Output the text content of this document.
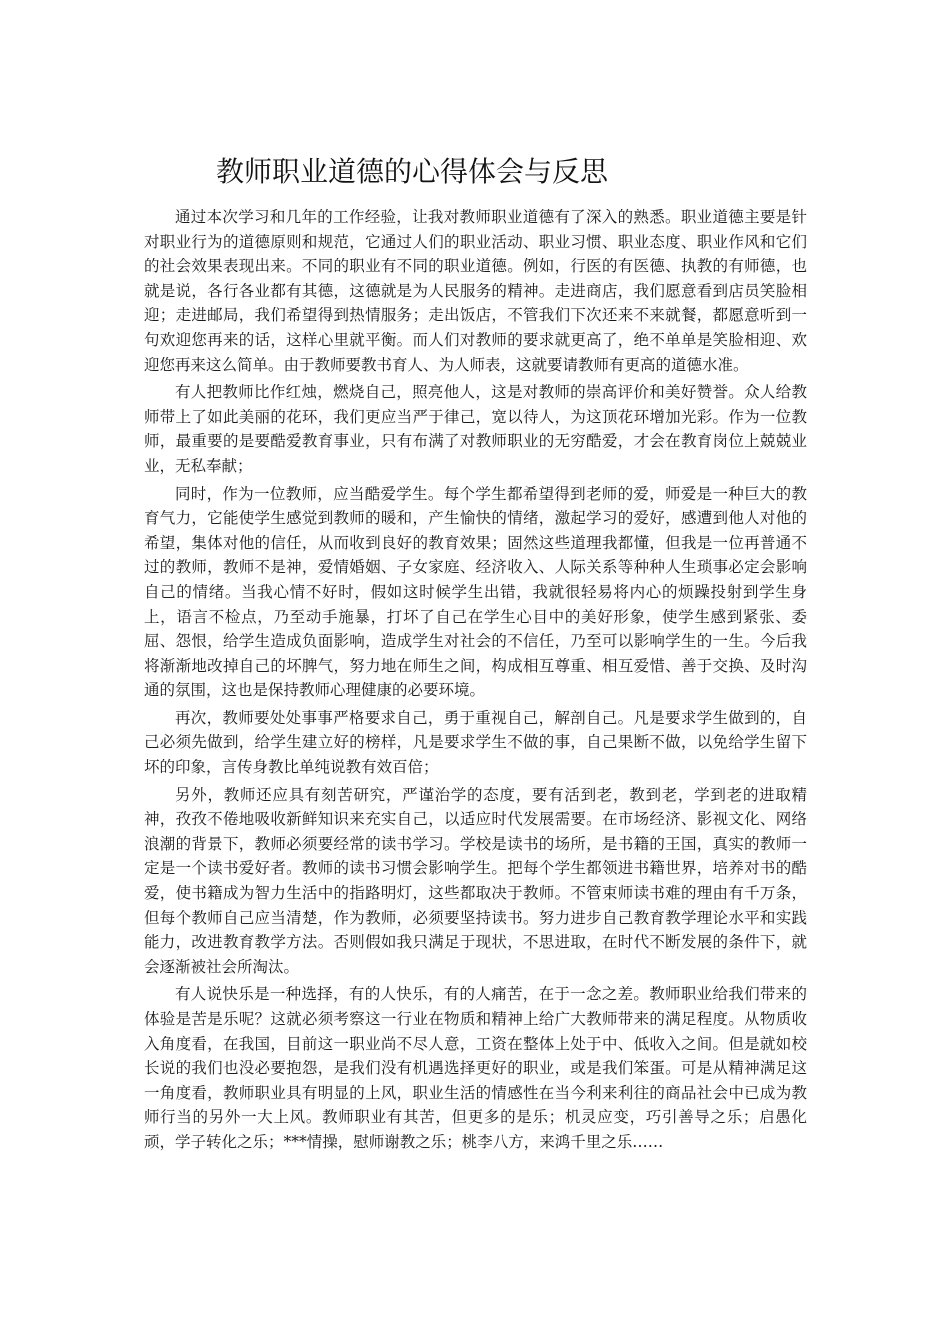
教师职业道德的心得体会与反思

通过本次学习和几年的工作经验，让我对教师职业道德有了深入的熟悉。职业道德主要是针对职业行为的道德原则和规范，它通过人们的职业活动、职业习惯、职业态度、职业作风和它们的社会效果表现出来。不同的职业有不同的职业道德。例如，行医的有医德、执教的有师德，也就是说，各行各业都有其德，这德就是为人民服务的精神。走进商店，我们愿意看到店员笑脸相迎；走进邮局，我们希望得到热情服务；走出饭店，不管我们下次还来不来就餐，都愿意听到一句欢迎您再来的话，这样心里就平衡。而人们对教师的要求就更高了，绝不单单是笑脸相迎、欢迎您再来这么简单。由于教师要教书育人、为人师表，这就要请教师有更高的道德水准。

有人把教师比作红烛，燃烧自己，照亮他人，这是对教师的崇高评价和美好赞誉。众人给教师带上了如此美丽的花环，我们更应当严于律己，宽以待人，为这顶花环增加光彩。作为一位教师，最重要的是要酷爱教育事业，只有布满了对教师职业的无穷酷爱，才会在教育岗位上兢兢业业，无私奉献；

同时，作为一位教师，应当酷爱学生。每个学生都希望得到老师的爱，师爱是一种巨大的教育气力，它能使学生感觉到教师的暖和，产生愉快的情绪，激起学习的爱好，感遭到他人对他的希望，集体对他的信任，从而收到良好的教育效果；固然这些道理我都懂，但我是一位再普通不过的教师，教师不是神，爱情婚姻、子女家庭、经济收入、人际关系等种种人生琐事必定会影响自己的情绪。当我心情不好时，假如这时候学生出错，我就很轻易将内心的烦躁投射到学生身上，语言不检点，乃至动手施暴，打坏了自己在学生心目中的美好形象，使学生感到紧张、委屈、怨恨，给学生造成负面影响，造成学生对社会的不信任，乃至可以影响学生的一生。今后我将渐渐地改掉自己的坏脾气，努力地在师生之间，构成相互尊重、相互爱惜、善于交换、及时沟通的氛围，这也是保持教师心理健康的必要环境。

再次，教师要处处事事严格要求自己，勇于重视自己，解剖自己。凡是要求学生做到的，自己必须先做到，给学生建立好的榜样，凡是要求学生不做的事，自己果断不做，以免给学生留下坏的印象，言传身教比单纯说教有效百倍；

另外，教师还应具有刻苦研究，严谨治学的态度，要有活到老，教到老，学到老的进取精神，孜孜不倦地吸收新鲜知识来充实自己，以适应时代发展需要。在市场经济、影视文化、网络浪潮的背景下，教师必须要经常的读书学习。学校是读书的场所，是书籍的王国，真实的教师一定是一个读书爱好者。教师的读书习惯会影响学生。把每个学生都领进书籍世界，培养对书的酷爱，使书籍成为智力生活中的指路明灯，这些都取决于教师。不管束师读书难的理由有千万条，但每个教师自己应当清楚，作为教师，必须要坚持读书。努力进步自己教育教学理论水平和实践能力，改进教育教学方法。否则假如我只满足于现状，不思进取，在时代不断发展的条件下，就会逐渐被社会所淘汰。

有人说快乐是一种选择，有的人快乐，有的人痛苦，在于一念之差。教师职业给我们带来的体验是苦是乐呢？这就必须考察这一行业在物质和精神上给广大教师带来的满足程度。从物质收入角度看，在我国，目前这一职业尚不尽人意，工资在整体上处于中、低收入之间。但是就如校长说的我们也没必要抱怨，是我们没有机遇选择更好的职业，或是我们笨蛋。可是从精神满足这一角度看，教师职业具有明显的上风，职业生活的情感性在当今利来利往的商品社会中已成为教师行当的另外一大上风。教师职业有其苦，但更多的是乐；机灵应变，巧引善导之乐；启愚化顽，学子转化之乐；***情操，慰师谢教之乐；桃李八方，来鸿千里之乐……
